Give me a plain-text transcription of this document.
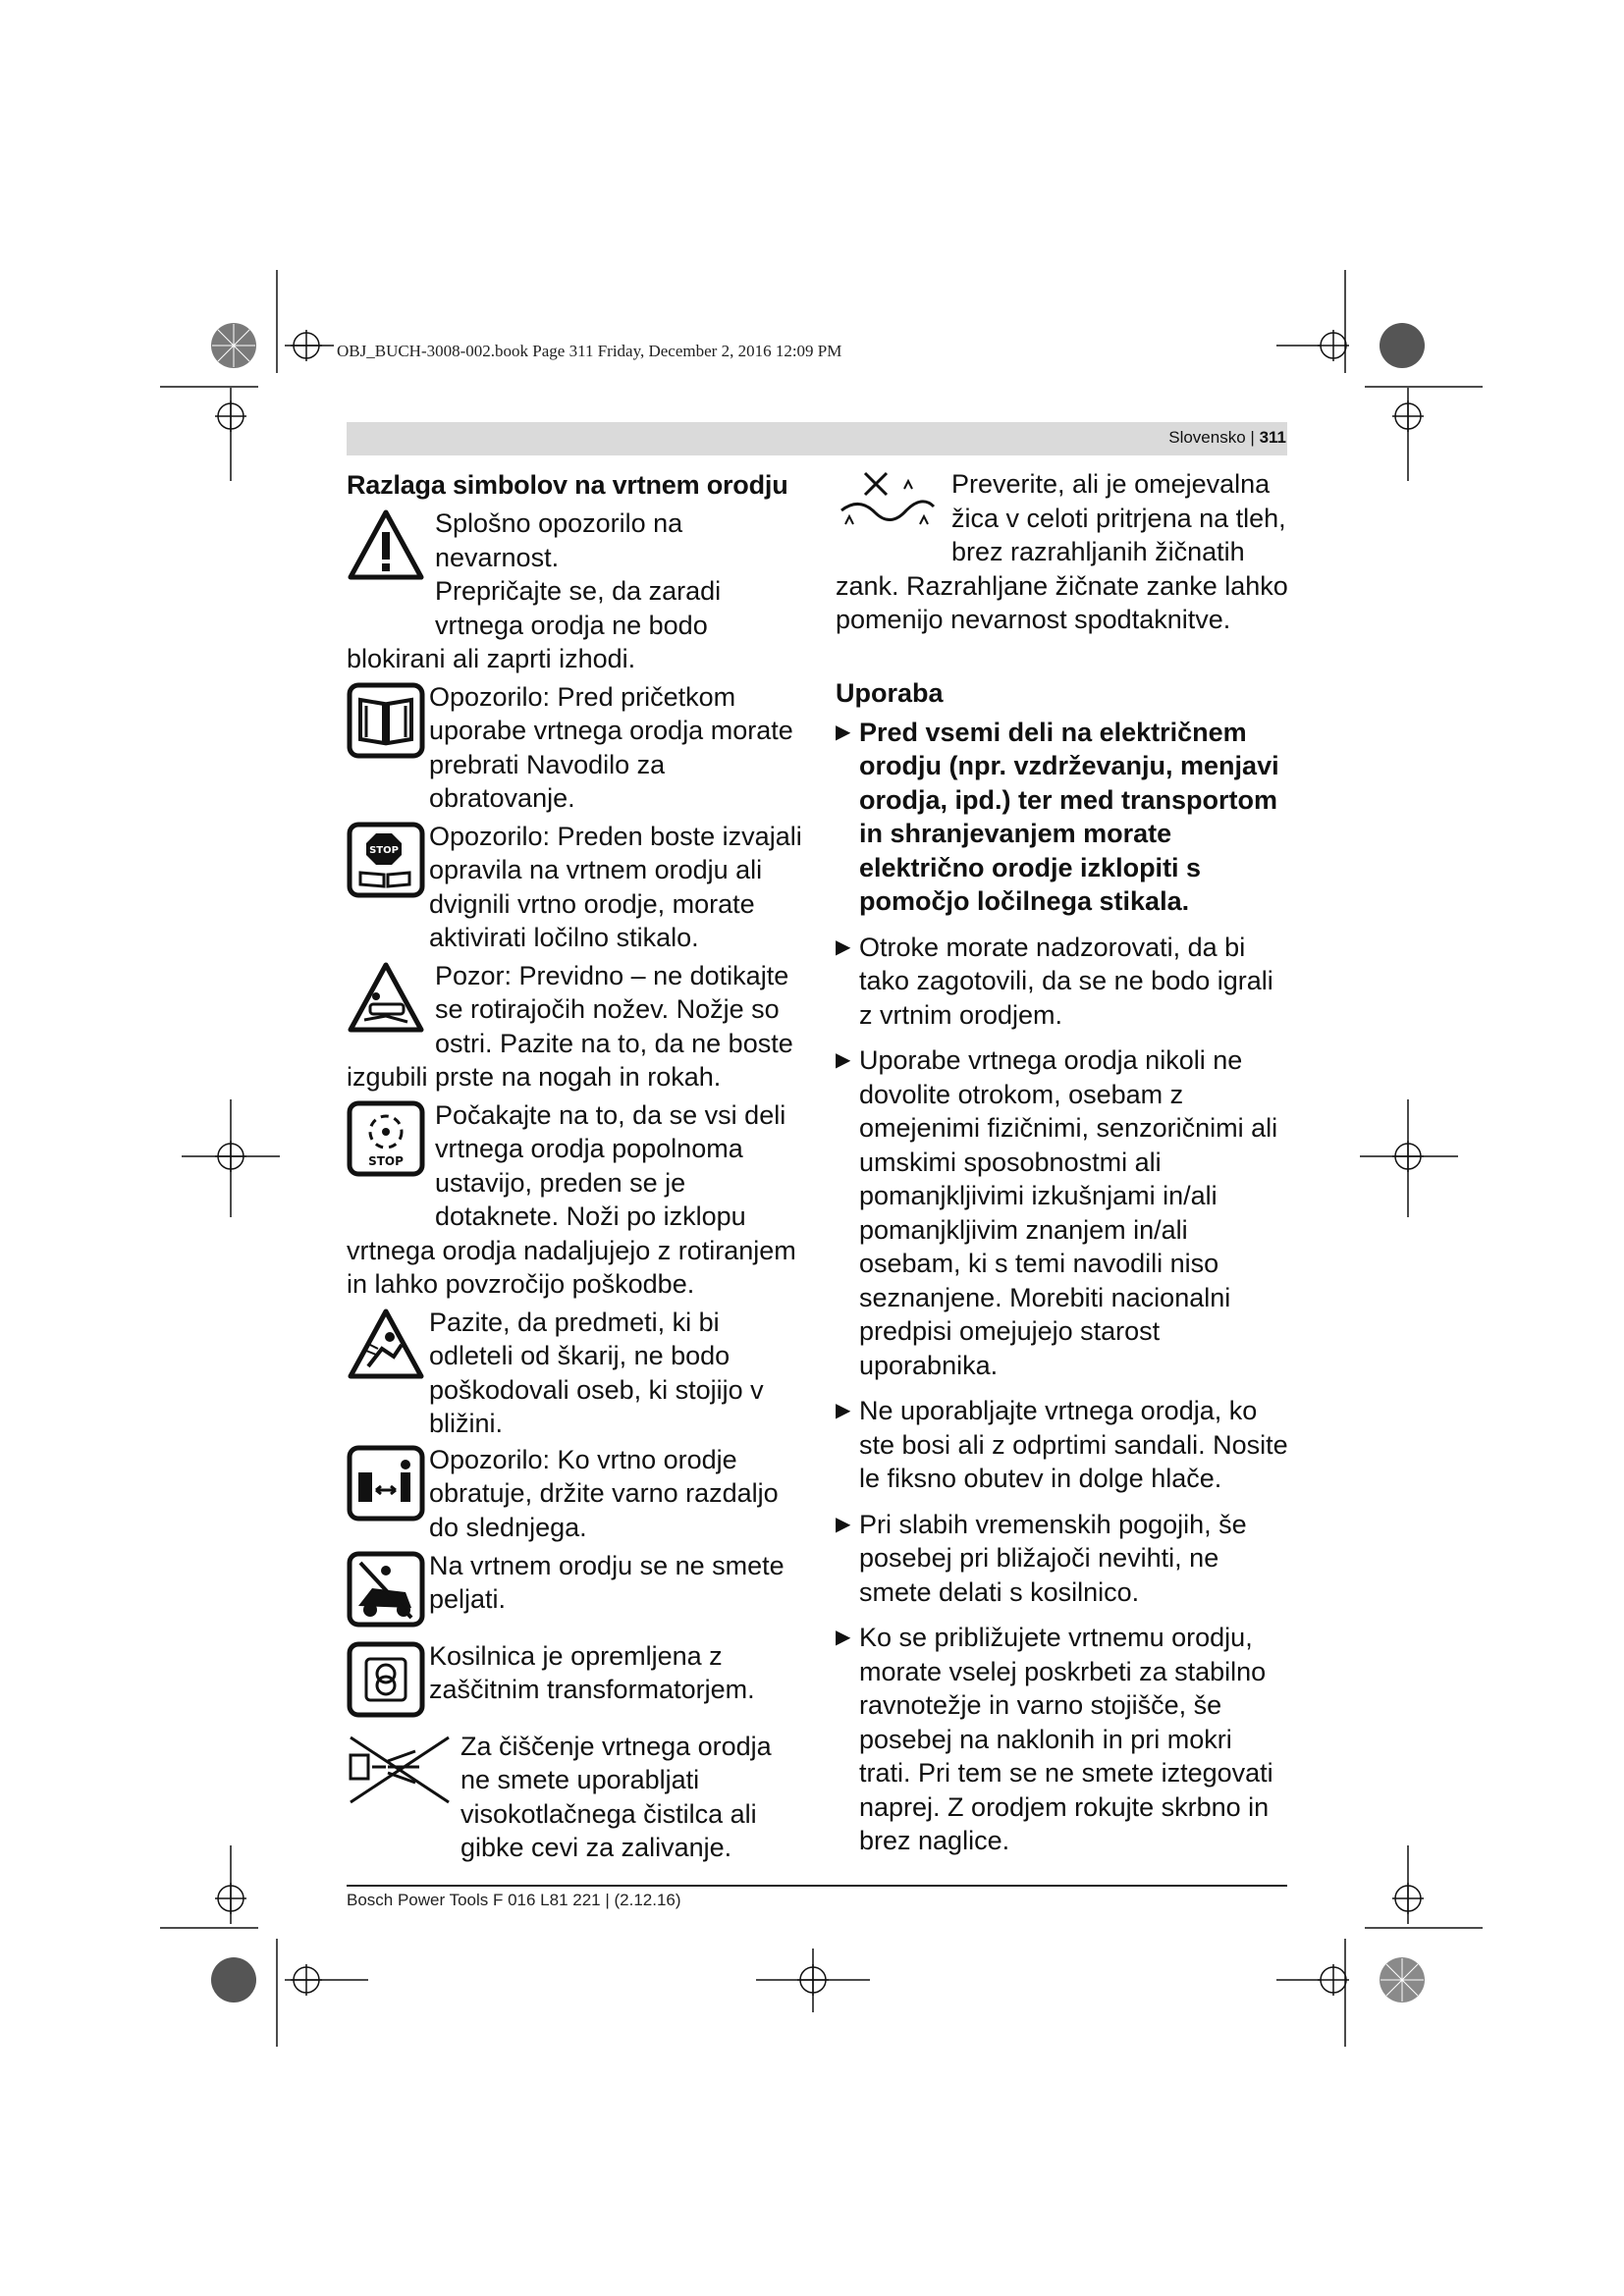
OBJ_BUCH-3008-002.book Page 311 Friday, December 2, 2016 12:09 PM
Slovensko | 311
Razlaga simbolov na vrtnem orodju
Splošno opozorilo na nevarnost.
Prepričajte se, da zaradi vrtnega orodja ne bodo blokirani ali zaprti izhodi.
Opozorilo: Pred pričetkom uporabe vrtnega orodja morate prebrati Navodilo za obratovanje.
STOP Opozorilo: Preden boste izvajali opravila na vrtnem orodju ali dvignili vrtno orodje, morate aktivirati ločilno stikalo.
Pozor: Previdno – ne dotikajte se rotirajočih nožev. Nožje so ostri. Pazite na to, da ne boste izgubili prste na nogah in rokah.
STOP
Počakajte na to, da se vsi deli vrtnega orodja popolnoma ustavijo, preden se je dotaknete. Noži po izklopu vrtnega orodja nadaljujejo z rotiranjem in lahko povzročijo poškodbe.
Pazite, da predmeti, ki bi odleteli od škarij, ne bodo poškodovali oseb, ki stojijo v bližini.
Opozorilo: Ko vrtno orodje obratuje, držite varno razdaljo do slednjega.
Na vrtnem orodju se ne smete peljati.
Kosilnica je opremljena z zaščitnim transformatorjem.
Za čiščenje vrtnega orodja ne smete uporabljati visokotlačnega čistilca ali gibke cevi za zalivanje.
Preverite, ali je omejevalna žica v celoti pritrjena na tleh, brez razrahljanih žičnatih zank. Razrahljane žičnate zanke lahko pomenijo nevarnost spodtaknitve.
Uporaba
▶ Pred vsemi deli na električnem orodju (npr. vzdrževanju, menjavi orodja, ipd.) ter med transportom in shranjevanjem morate električno orodje izklopiti s pomočjo ločilnega stikala.
▶ Otroke morate nadzorovati, da bi tako zagotovili, da se ne bodo igrali z vrtnim orodjem.
▶ Uporabe vrtnega orodja nikoli ne dovolite otrokom, osebam z omejenimi fizičnimi, senzoričnimi ali umskimi sposobnostmi ali pomanjkljivimi izkušnjami in/ali pomanjkljivim znanjem in/ali osebam, ki s temi navodili niso seznanjene. Morebiti nacionalni predpisi omejujejo starost uporabnika.
▶ Ne uporabljajte vrtnega orodja, ko ste bosi ali z odprtimi sandali. Nosite le fiksno obutev in dolge hlače.
▶ Pri slabih vremenskih pogojih, še posebej pri bližajoči nevihti, ne smete delati s kosilnico.
▶ Ko se približujete vrtnemu orodju, morate vselej poskrbeti za stabilno ravnotežje in varno stojišče, še posebej na naklonih in pri mokri trati. Pri tem se ne smete iztegovati naprej. Z orodjem rokujte skrbno in brez naglice.
Bosch Power Tools F 016 L81 221 | (2.12.16)
